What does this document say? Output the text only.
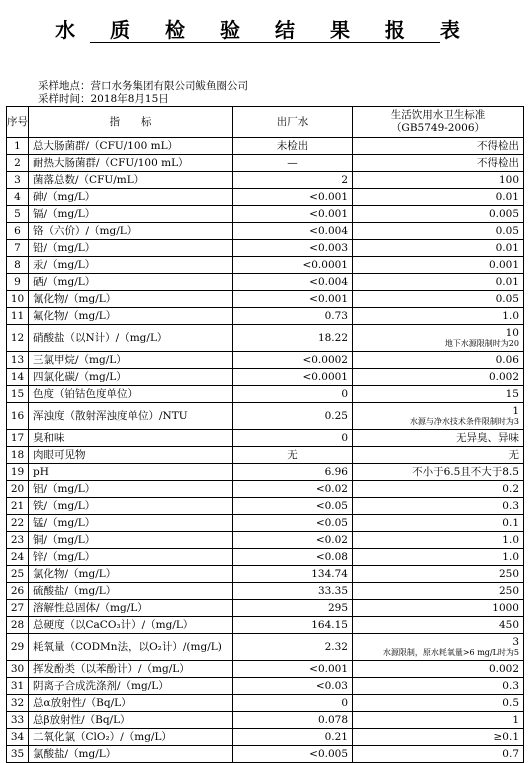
水 质 检 验 结 果 报 表
采样地点：营口水务集团有限公司鲅鱼圈公司
采样时间：2018年8月15日
序号	指　　标	出厂水	生活饮用水卫生标准
（GB5749-2006）

1	总大肠菌群/（CFU/100 mL）	未检出	不得检出
2	耐热大肠菌群/（CFU/100 mL）	—	不得检出
3	菌落总数/（CFU/mL）	2	100
4	砷/（mg/L）	<0.001	0.01
5	镉/（mg/L）	<0.001	0.005
6	铬（六价）/（mg/L）	<0.004	0.05
7	铅/（mg/L）	<0.003	0.01
8	汞/（mg/L）	<0.0001	0.001
9	硒/（mg/L）	<0.004	0.01
10	氰化物/（mg/L）	<0.001	0.05
11	氟化物/（mg/L）	0.73	1.0
12	硝酸盐（以N计）/（mg/L）	18.22	10
地下水源限制时为20

13	三氯甲烷/（mg/L）	<0.0002	0.06
14	四氯化碳/（mg/L）	<0.0001	0.002
15	色度（铂钴色度单位）	0	15
16	浑浊度（散射浑浊度单位）/NTU	0.25	1
水源与净水技术条件限制时为3

17	臭和味	0	无异臭、异味
18	肉眼可见物	无	无
19	pH	6.96	不小于6.5且不大于8.5
20	铝/（mg/L）	<0.02	0.2
21	铁/（mg/L）	<0.05	0.3
22	锰/（mg/L）	<0.05	0.1
23	铜/（mg/L）	<0.02	1.0
24	锌/（mg/L）	<0.08	1.0
25	氯化物/（mg/L）	134.74	250
26	硫酸盐/（mg/L）	33.35	250
27	溶解性总固体/（mg/L）	295	1000
28	总硬度（以CaCO₃计）/（mg/L）	164.15	450
29	耗氧量（CODMn法，以O₂计）/(mg/L)	2.32	3
水源限制，原水耗氧量>6 mg/L时为5

30	挥发酚类（以苯酚计）/（mg/L）	<0.001	0.002
31	阴离子合成洗涤剂/（mg/L）	<0.03	0.3
32	总α放射性/（Bq/L）	0	0.5
33	总β放射性/（Bq/L）	0.078	1
34	二氧化氯（ClO₂）/（mg/L）	0.21	≥0.1
35	氯酸盐/（mg/L）	<0.005	0.7
